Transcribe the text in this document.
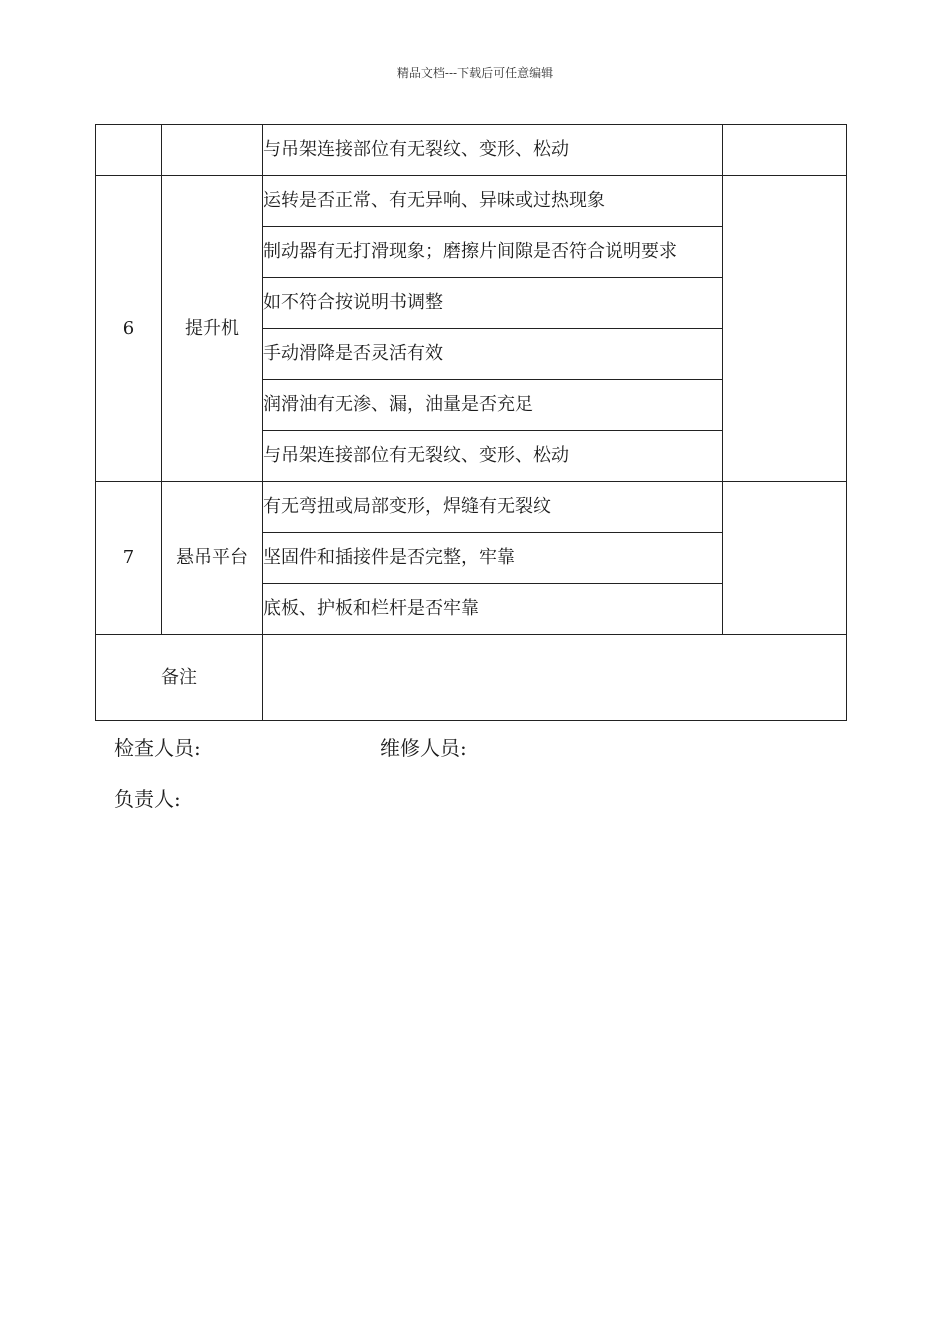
精品文档---下载后可任意编辑
		与吊架连接部位有无裂纹、变形、松动	
6	提升机	运转是否正常、有无异响、异味或过热现象	
		制动器有无打滑现象；磨擦片间隙是否符合说明要求	
		如不符合按说明书调整	
		手动滑降是否灵活有效	
		润滑油有无渗、漏，油量是否充足	
		与吊架连接部位有无裂纹、变形、松动	
7	悬吊平台	有无弯扭或局部变形，焊缝有无裂纹	
		坚固件和插接件是否完整，牢靠	
		底板、护板和栏杆是否牢靠	
备注			
检查人员:	维修人员:
负责人:
